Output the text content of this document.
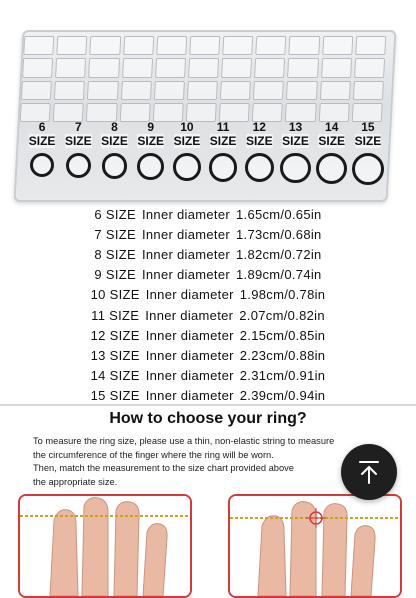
6
SIZE
7
SIZE
8
SIZE
9
SIZE
10
SIZE
11
SIZE
12
SIZE
13
SIZE
14
SIZE
15
SIZE
6 SIZE Inner diameter 1.65cm/0.65in
7 SIZE Inner diameter 1.73cm/0.68in
8 SIZE Inner diameter 1.82cm/0.72in
9 SIZE Inner diameter 1.89cm/0.74in
10 SIZE Inner diameter 1.98cm/0.78in
11 SIZE Inner diameter 2.07cm/0.82in
12 SIZE Inner diameter 2.15cm/0.85in
13 SIZE Inner diameter 2.23cm/0.88in
14 SIZE Inner diameter 2.31cm/0.91in
15 SIZE Inner diameter 2.39cm/0.94in
How to choose your ring?
To measure the ring size, please use a thin, non-elastic string to measure
the circumference of the finger where the ring will be worn.
Then, match the measurement to the size chart provided above
the appropriate size.
